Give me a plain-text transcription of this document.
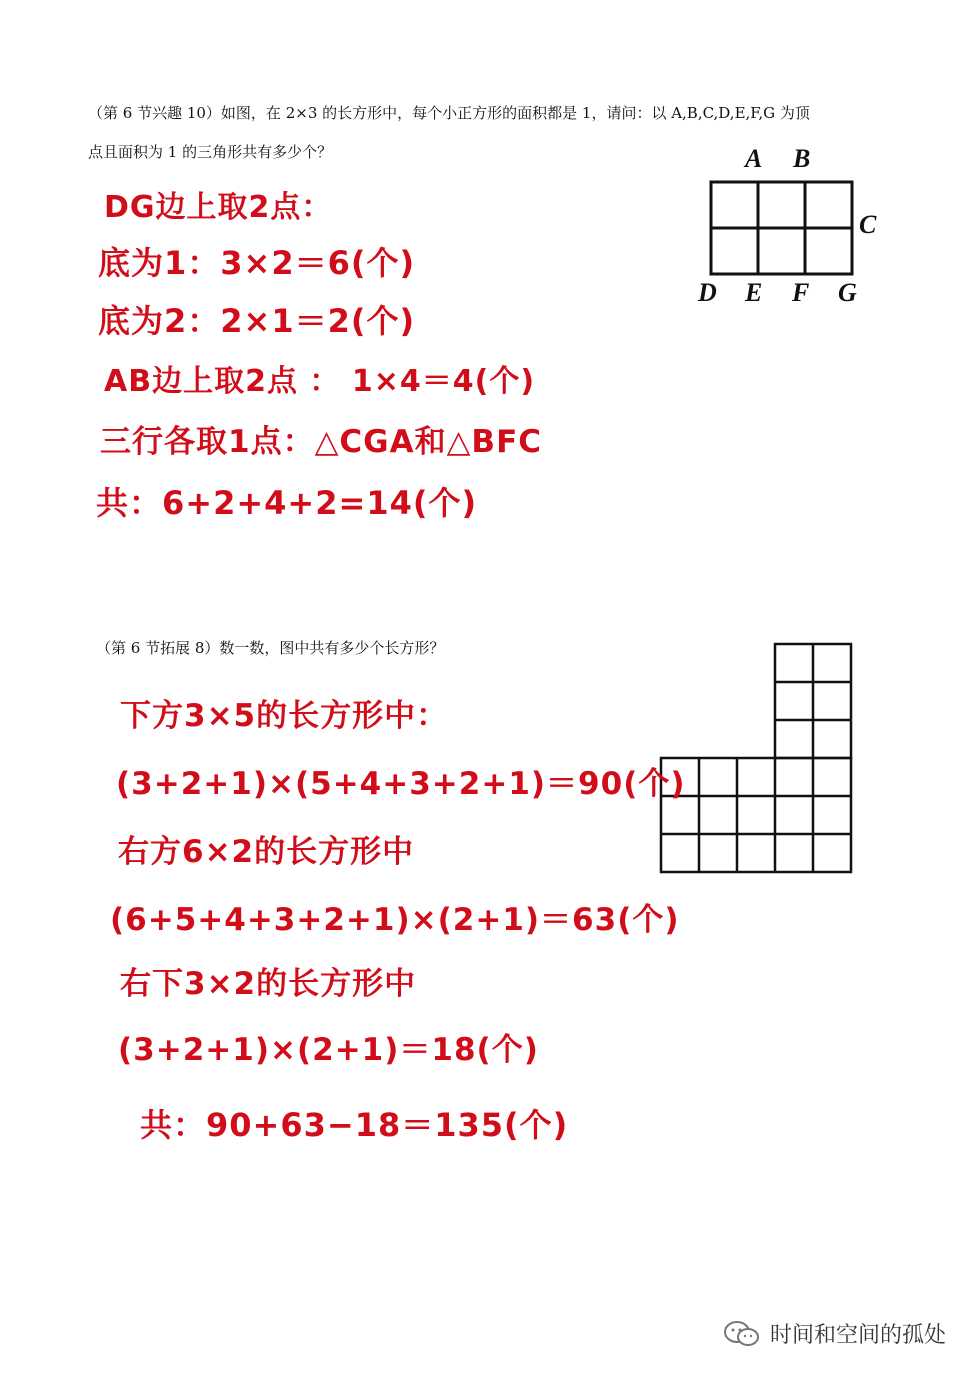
（第 6 节兴趣 10）如图，在 2×3 的长方形中，每个小正方形的面积都是 1，请问：以 A,B,C,D,E,F,G 为顶
点且面积为 1 的三角形共有多少个？	A B
C
D E F G
DG边上取2点：
底为1：3×2＝6(个)
底为2：2×1＝2(个)
AB边上取2点 ： 1×4＝4(个)
三行各取1点：△CGA和△BFC
共：6+2+4+2=14(个)
（第 6 节拓展 8）数一数，图中共有多少个长方形？
下方3×5的长方形中：
(3+2+1)×(5+4+3+2+1)＝90(个)
右方6×2的长方形中
(6+5+4+3+2+1)×(2+1)＝63(个)
右下3×2的长方形中
(3+2+1)×(2+1)＝18(个)
共：90+63−18＝135(个)
时间和空间的孤处
